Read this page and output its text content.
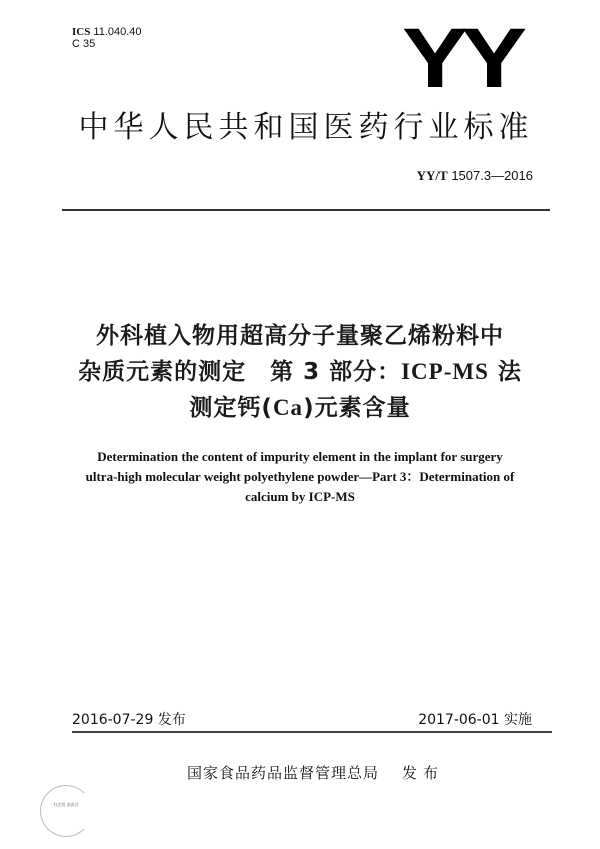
ICS 11.040.40
C 35	YY
中华人民共和国医药行业标准
YY/T 1507.3—2016
外科植入物用超高分子量聚乙烯粉料中
杂质元素的测定　第 3 部分：ICP-MS 法
测定钙(Ca)元素含量
Determination the content of impurity element in the implant for surgery
ultra-high molecular weight polyethylene powder—Part 3：Determination of
calcium by ICP-MS
2016-07-29 发布	2017-06-01 实施
国家食品药品监督管理总局 发布
扫企贸 表真合
